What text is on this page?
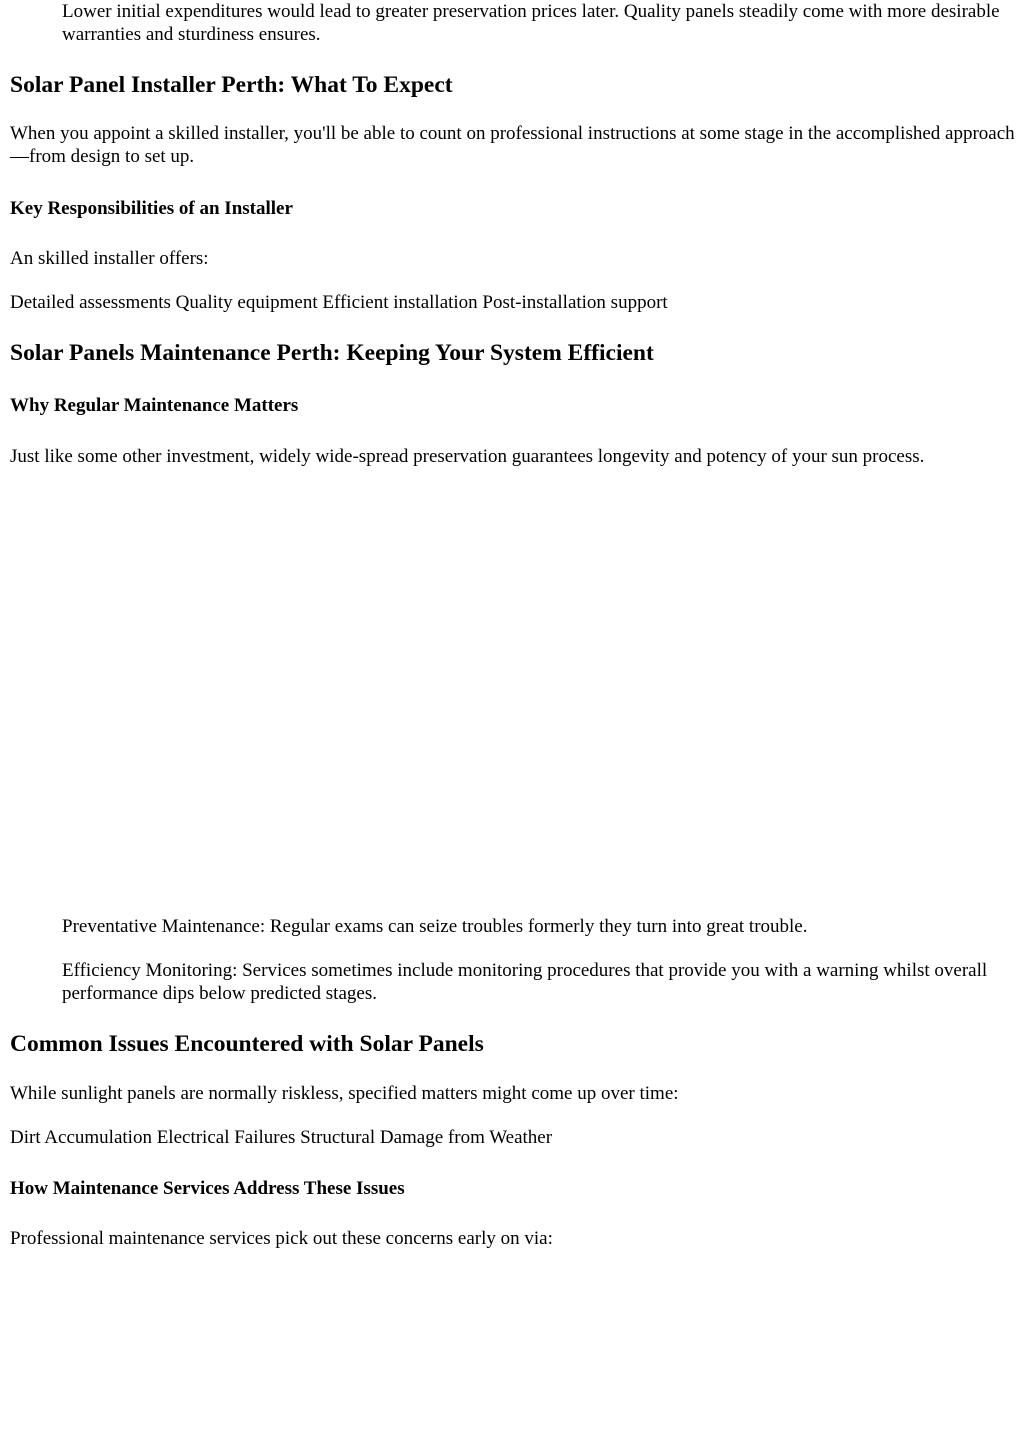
Lower initial expenditures would lead to greater preservation prices later. Quality panels steadily come with more desirable warranties and sturdiness ensures.

Solar Panel Installer Perth: What To Expect

When you appoint a skilled installer, you'll be able to count on professional instructions at some stage in the accomplished approach—from design to set up.

Key Responsibilities of an Installer

An skilled installer offers:

Detailed assessments Quality equipment Efficient installation Post-installation support

Solar Panels Maintenance Perth: Keeping Your System Efficient
Why Regular Maintenance Matters

Just like some other investment, widely wide-spread preservation guarantees longevity and potency of your sun process.

Preventative Maintenance: Regular exams can seize troubles formerly they turn into great trouble.

Efficiency Monitoring: Services sometimes include monitoring procedures that provide you with a warning whilst overall performance dips below predicted stages.

Common Issues Encountered with Solar Panels

While sunlight panels are normally riskless, specified matters might come up over time:

Dirt Accumulation Electrical Failures Structural Damage from Weather

How Maintenance Services Address These Issues

Professional maintenance services pick out these concerns early on via:
